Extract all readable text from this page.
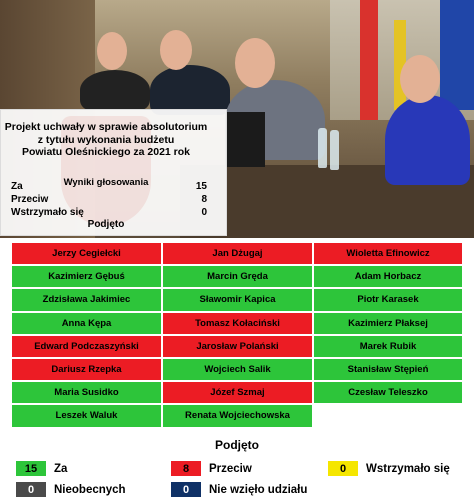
Projekt uchwały w sprawie absolutorium
z tytułu wykonania budżetu
Powiatu Oleśnickiego za 2021 rok
Wyniki głosowania
Za	15
Przeciw	8
Wstrzymało się	0
Podjęto
Jerzy Cegiełcki	Jan Dżugaj	Wioletta Efinowicz
Kazimierz Gębuś	Marcin Gręda	Adam Horbacz
Zdzisława Jakimiec	Sławomir Kapica	Piotr Karasek
Anna Kępa	Tomasz Kołaciński	Kazimierz Płaksej
Edward Podczaszyński	Jarosław Polański	Marek Rubik
Dariusz Rzepka	Wojciech Salik	Stanisław Stępień
Maria Susidko	Józef Szmaj	Czesław Teleszko
Leszek Waluk	Renata Wojciechowska
Podjęto
15	Za	8	Przeciw	0	Wstrzymało się
0	Nieobecnych	0	Nie wzięło udziału
